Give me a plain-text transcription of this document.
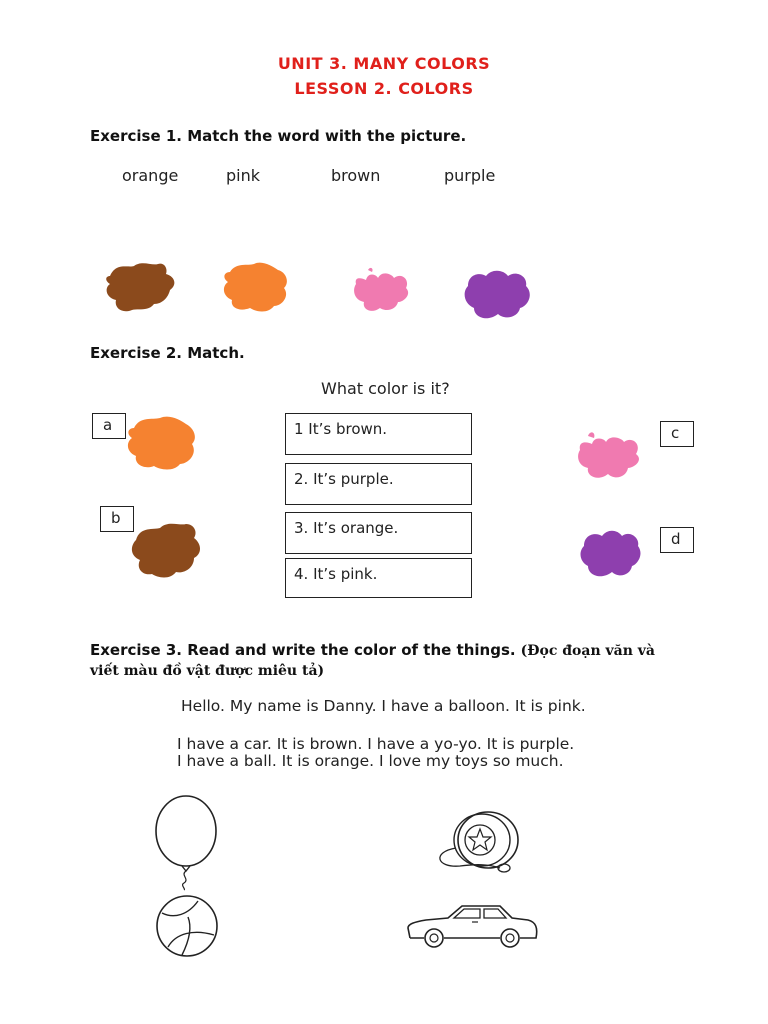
UNIT 3. MANY COLORS
LESSON 2. COLORS
Exercise 1. Match the word with the picture.
orange	pink	brown	purple
Exercise 2. Match.
What color is it?
a
b
c
d
1 It’s brown.
2. It’s purple.
3. It’s orange.
4. It’s pink.
Exercise 3. Read and write the color of the things. (Đọc đoạn văn và
viết màu đồ vật được miêu tả)
Hello. My name is Danny. I have a balloon. It is pink.
I have a car. It is brown. I have a yo-yo. It is purple.
I have a ball. It is orange. I love my toys so much.
